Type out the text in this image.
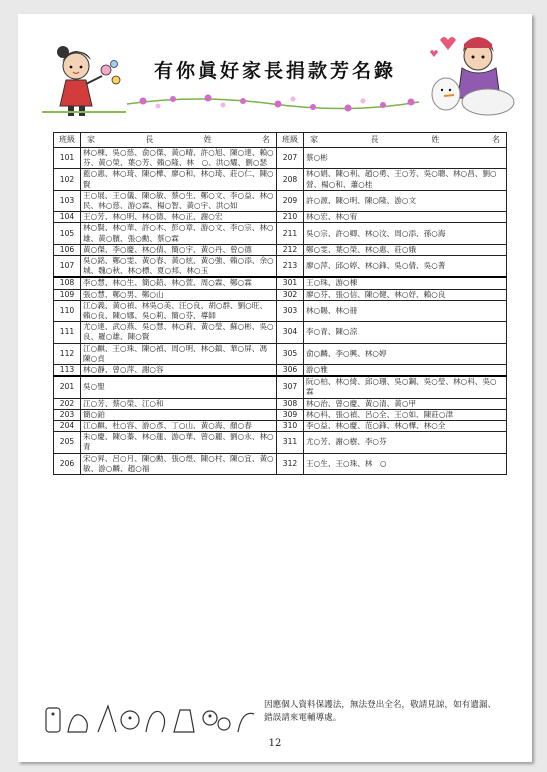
有你眞好家長捐款芳名錄
班級	家 長 姓 名	班級	家 長 姓 名

101	林○棟、吳○慈、俞○傑、黃○晴、許○旭、陳○達、賴○芬、黃○榮、葉○芳、賴○隆、林　○、洪○耀、劉○瑟	207	蔡○彬
102	藍○惠、林○琦、陳○樺、廖○和、林○琦、莊○仁、陳○賢	208	林○娟、陳○利、趙○勇、王○芳、吳○聰、林○昌、劉○營、楊○和、蕭○桂
103	王○展、王○儀、陳○敏、蔡○生、鄭○文、李○益、林○民、林○慈、游○霖、楊○智、黃○宇、洪○如	209	許○源、陳○明、陳○隆、游○文
104	王○芳、林○明、林○德、林○正、謝○宏	210	林○宏、林○宥
105	林○賢、林○華、許○木、彭○章、游○文、李○宗、林○雄、黃○臏、張○勳、蔡○霖	211	吳○宗、許○卿、林○汶、周○添、孫○海
106	黃○傑、李○慶、林○倩、簡○宇、黃○丹、曾○德	212	鄭○雯、葉○榮、林○惠、莊○娥
107	吳○銘、鄭○雯、黃○春、黃○炫、黃○強、賴○添、余○城、魏○秋、林○標、夏○邦、林○玉	213	廖○萍、邱○婷、林○鋒、吳○倩、吳○菁
108	李○慧、林○生、簡○鉛、林○萱、周○霖、鄭○霖	301	王○珠、游○棟
109	張○慧、鄭○男、鄭○山	302	廖○芬、張○信、陳○健、林○妤、賴○良
110	江○義、黃○禎、林吳○美、汪○良、胡○群、劉○旺、賴○良、陳○娜、吳○莉、簡○芬、導師	303	林○賜、林○冊
111	尤○達、武○燕、吳○慧、林○莉、黃○瑩、蘇○彬、吳○良、羅○雄、陳○賢	304	李○青、陳○涼
112	江○麒、王○珠、陳○禎、周○明、林○鎮、華○屏、馮陳○貞	305	俞○麟、李○興、林○婷
113	林○靜、曾○萍、謝○容	306	游○雅
201	吳○聖	307	阮○柏、林○綺、邱○珊、吳○鋼、吳○瑩、林○科、吳○霖
202	江○芳、蔡○榮、江○和	308	林○治、曾○慶、黃○清、黃○甲
203	簡○鉑	309	林○科、張○禎、呂○全、王○如、陳莊○津
204	江○麒、杜○容、游○彥、丁○山、黃○海、顏○春	310	李○益、林○慶、范○鋒、林○樺、林○全
205	朱○慶、陳○蓁、林○蓮、游○華、曾○麗、劉○永、林○青	311	尤○芳、謝○樹、李○芬
206	宋○昇、呂○月、陳○勳、張○煜、陳○村、陳○宜、黃○敏、游○麟、趙○福	312	王○生、王○珠、林　○
因應個人資料保護法，無法登出全名，敬請見諒，如有遺漏、錯誤請來電輔導處。
12
